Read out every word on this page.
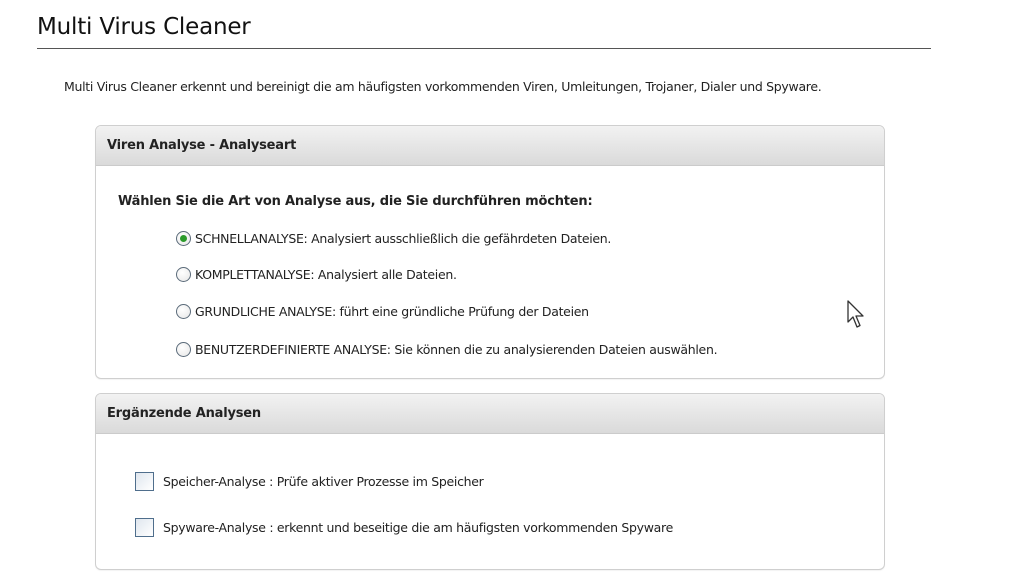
Multi Virus Cleaner
Multi Virus Cleaner erkennt und bereinigt die am häufigsten vorkommenden Viren, Umleitungen, Trojaner, Dialer und Spyware.
Viren Analyse - Analyseart
Wählen Sie die Art von Analyse aus, die Sie durchführen möchten:
SCHNELLANALYSE: Analysiert ausschließlich die gefährdeten Dateien.
KOMPLETTANALYSE: Analysiert alle Dateien.
GRUNDLICHE ANALYSE: führt eine gründliche Prüfung der Dateien
BENUTZERDEFINIERTE ANALYSE: Sie können die zu analysierenden Dateien auswählen.
Ergänzende Analysen
Speicher-Analyse : Prüfe aktiver Prozesse im Speicher
Spyware-Analyse : erkennt und beseitige die am häufigsten vorkommenden Spyware
